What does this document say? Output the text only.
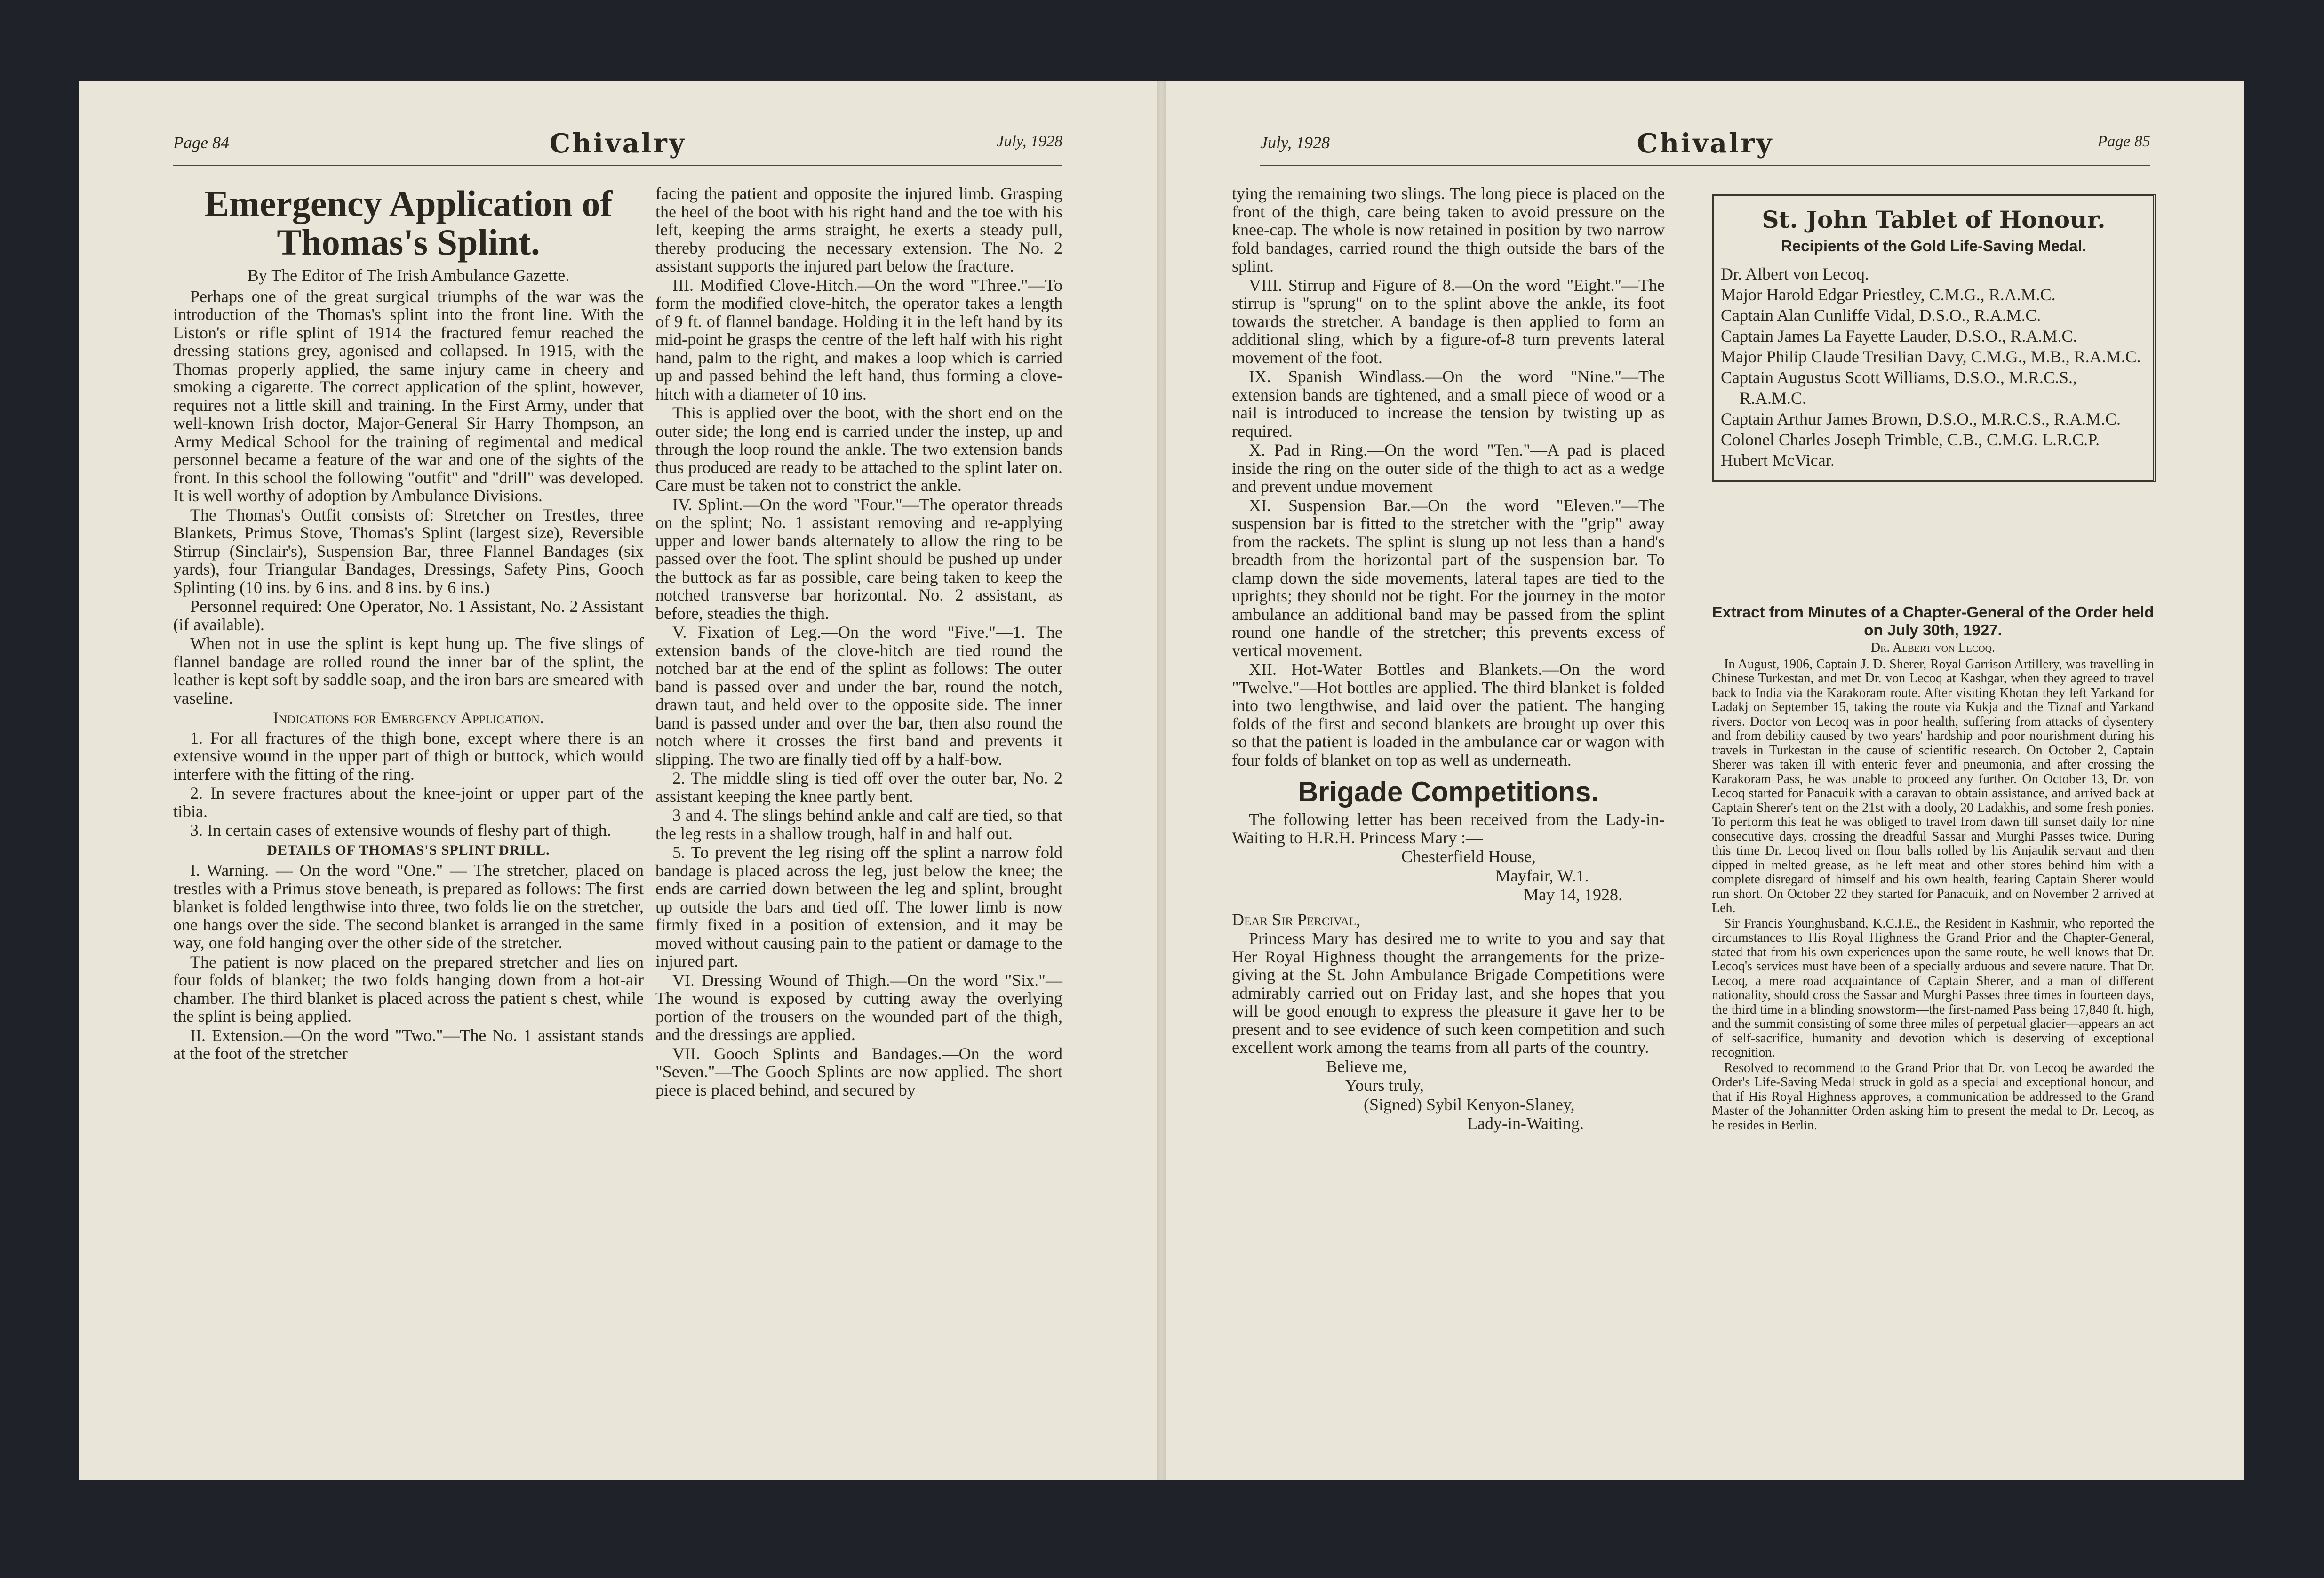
Page 84	Chivalry	July, 1928
Emergency Application of Thomas's Splint.
By The Editor of The Irish Ambulance Gazette.

Perhaps one of the great surgical triumphs of the war was the introduction of the Thomas's splint into the front line. With the Liston's or rifle splint of 1914 the fractured femur reached the dressing stations grey, agonised and collapsed. In 1915, with the Thomas properly applied, the same injury came in cheery and smoking a cigarette. The correct application of the splint, however, requires not a little skill and training. In the First Army, under that well-known Irish doctor, Major-General Sir Harry Thompson, an Army Medical School for the training of regimental and medical personnel became a feature of the war and one of the sights of the front. In this school the following "outfit" and "drill" was developed. It is well worthy of adoption by Ambulance Divisions.

The Thomas's Outfit consists of: Stretcher on Trestles, three Blankets, Primus Stove, Thomas's Splint (largest size), Reversible Stirrup (Sinclair's), Suspension Bar, three Flannel Bandages (six yards), four Triangular Bandages, Dressings, Safety Pins, Gooch Splinting (10 ins. by 6 ins. and 8 ins. by 6 ins.)

Personnel required: One Operator, No. 1 Assistant, No. 2 Assistant (if available).

When not in use the splint is kept hung up. The five slings of flannel bandage are rolled round the inner bar of the splint, the leather is kept soft by saddle soap, and the iron bars are smeared with vaseline.

Indications for Emergency Application.

1. For all fractures of the thigh bone, except where there is an extensive wound in the upper part of thigh or buttock, which would interfere with the fitting of the ring.

2. In severe fractures about the knee-joint or upper part of the tibia.

3. In certain cases of extensive wounds of fleshy part of thigh.

DETAILS OF THOMAS'S SPLINT DRILL.

I. Warning. — On the word "One." — The stretcher, placed on trestles with a Primus stove beneath, is prepared as follows: The first blanket is folded lengthwise into three, two folds lie on the stretcher, one hangs over the side. The second blanket is arranged in the same way, one fold hanging over the other side of the stretcher.

The patient is now placed on the prepared stretcher and lies on four folds of blanket; the two folds hanging down from a hot-air chamber. The third blanket is placed across the patient s chest, while the splint is being applied.

II. Extension.—On the word "Two."—The No. 1 assistant stands at the foot of the stretcher

facing the patient and opposite the injured limb. Grasping the heel of the boot with his right hand and the toe with his left, keeping the arms straight, he exerts a steady pull, thereby producing the necessary extension. The No. 2 assistant supports the injured part below the fracture.

III. Modified Clove-Hitch.—On the word "Three."—To form the modified clove-hitch, the operator takes a length of 9 ft. of flannel bandage. Holding it in the left hand by its mid-point he grasps the centre of the left half with his right hand, palm to the right, and makes a loop which is carried up and passed behind the left hand, thus forming a clove-hitch with a diameter of 10 ins.

This is applied over the boot, with the short end on the outer side; the long end is carried under the instep, up and through the loop round the ankle. The two extension bands thus produced are ready to be attached to the splint later on. Care must be taken not to constrict the ankle.

IV. Splint.—On the word "Four."—The operator threads on the splint; No. 1 assistant removing and re-applying upper and lower bands alternately to allow the ring to be passed over the foot. The splint should be pushed up under the buttock as far as possible, care being taken to keep the notched transverse bar horizontal. No. 2 assistant, as before, steadies the thigh.

V. Fixation of Leg.—On the word "Five."—1. The extension bands of the clove-hitch are tied round the notched bar at the end of the splint as follows: The outer band is passed over and under the bar, round the notch, drawn taut, and held over to the opposite side. The inner band is passed under and over the bar, then also round the notch where it crosses the first band and prevents it slipping. The two are finally tied off by a half-bow.

2. The middle sling is tied off over the outer bar, No. 2 assistant keeping the knee partly bent.

3 and 4. The slings behind ankle and calf are tied, so that the leg rests in a shallow trough, half in and half out.

5. To prevent the leg rising off the splint a narrow fold bandage is placed across the leg, just below the knee; the ends are carried down between the leg and splint, brought up outside the bars and tied off. The lower limb is now firmly fixed in a position of extension, and it may be moved without causing pain to the patient or damage to the injured part.

VI. Dressing Wound of Thigh.—On the word "Six."—The wound is exposed by cutting away the overlying portion of the trousers on the wounded part of the thigh, and the dressings are applied.

VII. Gooch Splints and Bandages.—On the word "Seven."—The Gooch Splints are now applied. The short piece is placed behind, and secured by

July, 1928	Chivalry	Page 85

tying the remaining two slings. The long piece is placed on the front of the thigh, care being taken to avoid pressure on the knee-cap. The whole is now retained in position by two narrow fold bandages, carried round the thigh outside the bars of the splint.

VIII. Stirrup and Figure of 8.—On the word "Eight."—The stirrup is "sprung" on to the splint above the ankle, its foot towards the stretcher. A bandage is then applied to form an additional sling, which by a figure-of-8 turn prevents lateral movement of the foot.

IX. Spanish Windlass.—On the word "Nine."—The extension bands are tightened, and a small piece of wood or a nail is introduced to increase the tension by twisting up as required.

X. Pad in Ring.—On the word "Ten."—A pad is placed inside the ring on the outer side of the thigh to act as a wedge and prevent undue movement

XI. Suspension Bar.—On the word "Eleven."—The suspension bar is fitted to the stretcher with the "grip" away from the rackets. The splint is slung up not less than a hand's breadth from the horizontal part of the suspension bar. To clamp down the side movements, lateral tapes are tied to the uprights; they should not be tight. For the journey in the motor ambulance an additional band may be passed from the splint round one handle of the stretcher; this prevents excess of vertical movement.

XII. Hot-Water Bottles and Blankets.—On the word "Twelve."—Hot bottles are applied. The third blanket is folded into two lengthwise, and laid over the patient. The hanging folds of the first and second blankets are brought up over this so that the patient is loaded in the ambulance car or wagon with four folds of blanket on top as well as underneath.

Brigade Competitions.

The following letter has been received from the Lady-in-Waiting to H.R.H. Princess Mary :—

Chesterfield House,

Mayfair, W.1.

May 14, 1928.

Dear Sir Percival,

Princess Mary has desired me to write to you and say that Her Royal Highness thought the arrangements for the prize-giving at the St. John Ambulance Brigade Competitions were admirably carried out on Friday last, and she hopes that you will be good enough to express the pleasure it gave her to be present and to see evidence of such keen competition and such excellent work among the teams from all parts of the country.

Believe me,

Yours truly,

(Signed) Sybil Kenyon-Slaney,

Lady-in-Waiting.

St. John Tablet of Honour.
Recipients of the Gold Life-Saving Medal.
Dr. Albert von Lecoq.
Major Harold Edgar Priestley, C.M.G., R.A.M.C.
Captain Alan Cunliffe Vidal, D.S.O., R.A.M.C.
Captain James La Fayette Lauder, D.S.O., R.A.M.C.
Major Philip Claude Tresilian Davy, C.M.G., M.B., R.A.M.C.
Captain Augustus Scott Williams, D.S.O., M.R.C.S., R.A.M.C.
Captain Arthur James Brown, D.S.O., M.R.C.S., R.A.M.C.
Colonel Charles Joseph Trimble, C.B., C.M.G. L.R.C.P.
Hubert McVicar.
Extract from Minutes of a Chapter-General of the Order held on July 30th, 1927.
Dr. Albert von Lecoq.

In August, 1906, Captain J. D. Sherer, Royal Garrison Artillery, was travelling in Chinese Turkestan, and met Dr. von Lecoq at Kashgar, when they agreed to travel back to India via the Karakoram route. After visiting Khotan they left Yarkand for Ladakj on September 15, taking the route via Kukja and the Tiznaf and Yarkand rivers. Doctor von Lecoq was in poor health, suffering from attacks of dysentery and from debility caused by two years' hardship and poor nourishment during his travels in Turkestan in the cause of scientific research. On October 2, Captain Sherer was taken ill with enteric fever and pneumonia, and after crossing the Karakoram Pass, he was unable to proceed any further. On October 13, Dr. von Lecoq started for Panacuik with a caravan to obtain assistance, and arrived back at Captain Sherer's tent on the 21st with a dooly, 20 Ladakhis, and some fresh ponies. To perform this feat he was obliged to travel from dawn till sunset daily for nine consecutive days, crossing the dreadful Sassar and Murghi Passes twice. During this time Dr. Lecoq lived on flour balls rolled by his Anjaulik servant and then dipped in melted grease, as he left meat and other stores behind him with a complete disregard of himself and his own health, fearing Captain Sherer would run short. On October 22 they started for Panacuik, and on November 2 arrived at Leh.

Sir Francis Younghusband, K.C.I.E., the Resident in Kashmir, who reported the circumstances to His Royal Highness the Grand Prior and the Chapter-General, stated that from his own experiences upon the same route, he well knows that Dr. Lecoq's services must have been of a specially arduous and severe nature. That Dr. Lecoq, a mere road acquaintance of Captain Sherer, and a man of different nationality, should cross the Sassar and Murghi Passes three times in fourteen days, the third time in a blinding snowstorm—the first-named Pass being 17,840 ft. high, and the summit consisting of some three miles of perpetual glacier—appears an act of self-sacrifice, humanity and devotion which is deserving of exceptional recognition.

Resolved to recommend to the Grand Prior that Dr. von Lecoq be awarded the Order's Life-Saving Medal struck in gold as a special and exceptional honour, and that if His Royal Highness approves, a communication be addressed to the Grand Master of the Johannitter Orden asking him to present the medal to Dr. Lecoq, as he resides in Berlin.
